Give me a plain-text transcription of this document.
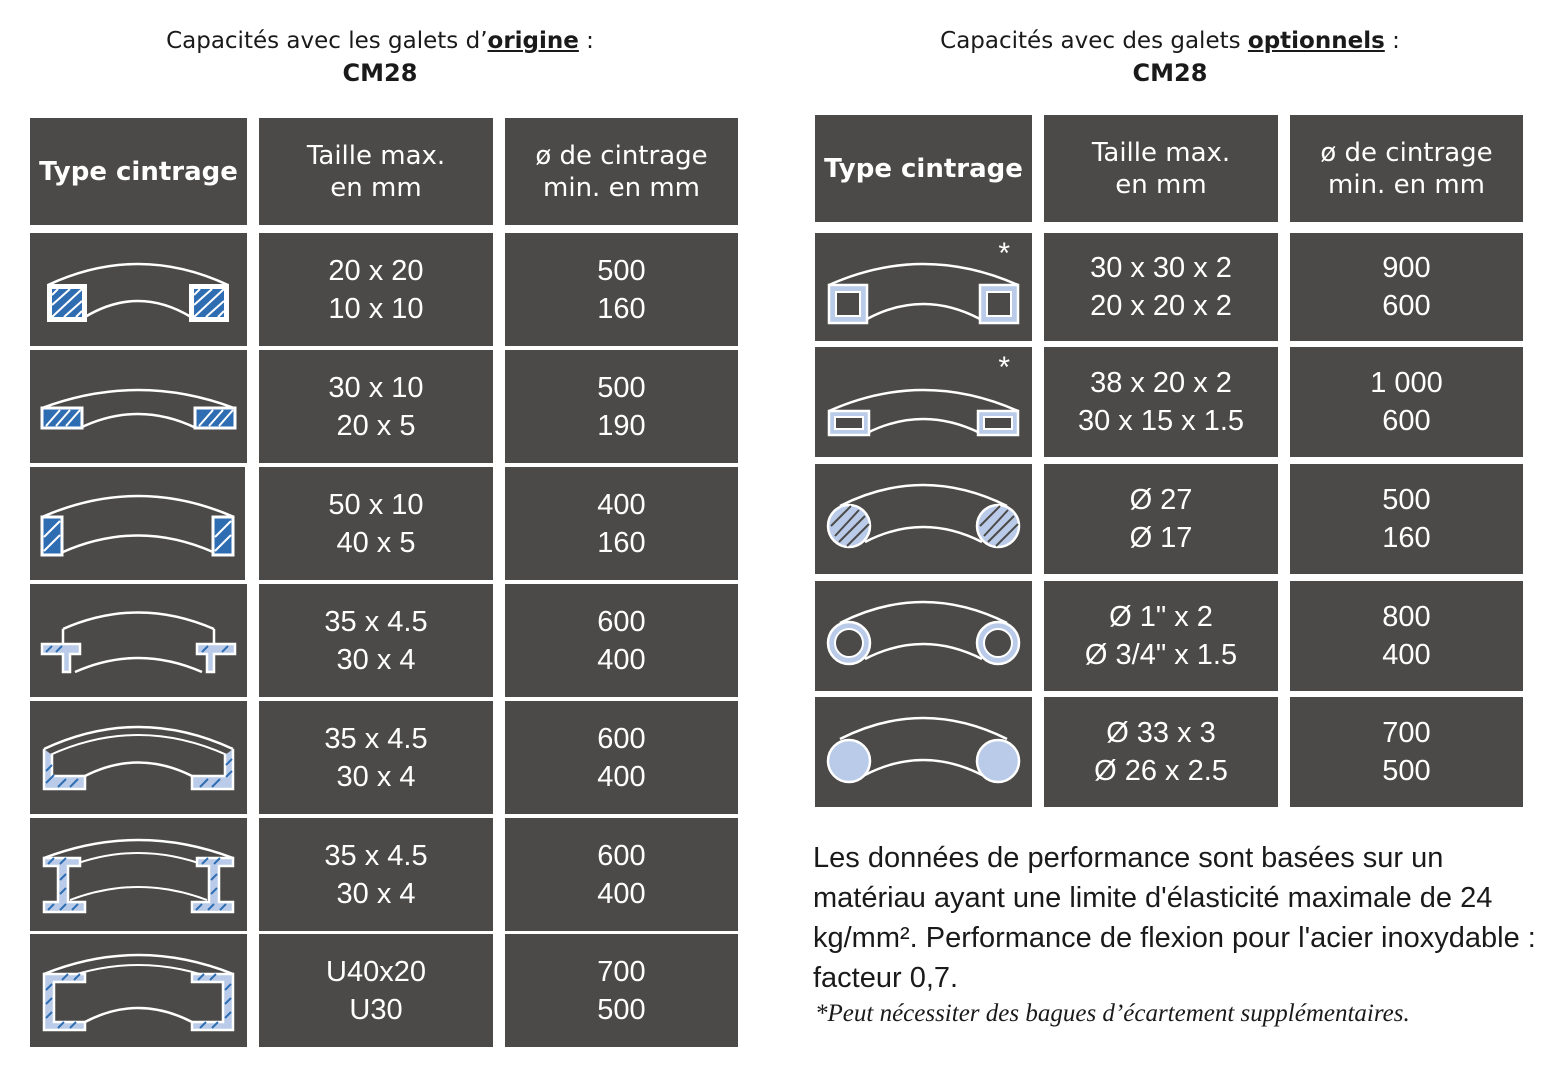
Capacités avec les galets d’origine :
CM28
Capacités avec des galets optionnels :
CM28
Type cintrage
Taille max.
en mm
ø de cintrage
min. en mm
20 x 20
10 x 10
500
160
30 x 10
20 x 5
500
190
50 x 10
40 x 5
400
160
35 x 4.5
30 x 4
600
400
35 x 4.5
30 x 4
600
400
35 x 4.5
30 x 4
600
400
U40x20
U30
700
500
Type cintrage
Taille max.
en mm
ø de cintrage
min. en mm
*	30 x 30 x 2
20 x 20 x 2
900
600
*	38 x 20 x 2
30 x 15 x 1.5
1 000
600
Ø 27
Ø 17
500
160
Ø 1" x 2
Ø 3/4" x 1.5
800
400
Ø 33 x 3
Ø 26 x 2.5
700
500
Les données de performance sont basées sur un matériau ayant une limite d'élasticité maximale de 24 kg/mm². Performance de flexion pour l'acier inoxydable : facteur 0,7.
*Peut nécessiter des bagues d’écartement supplémentaires.
